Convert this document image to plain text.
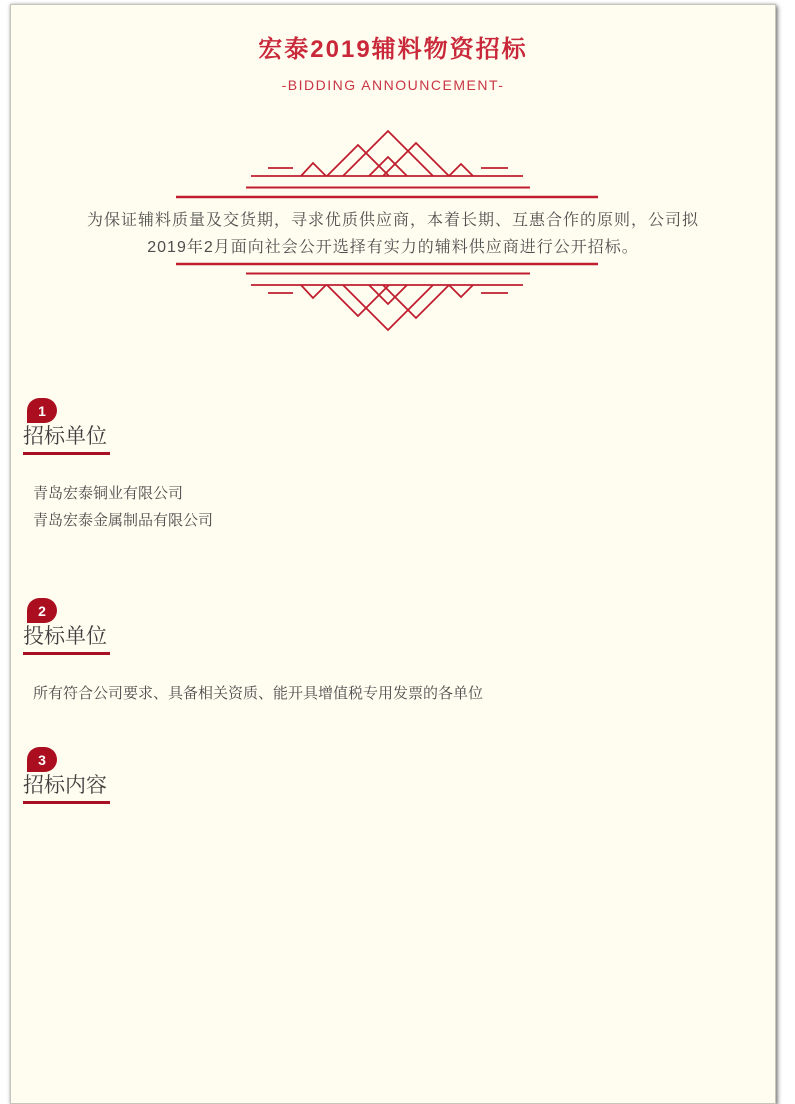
宏泰2019辅料物资招标
-BIDDING ANNOUNCEMENT-
为保证辅料质量及交货期，寻求优质供应商，本着长期、互惠合作的原则，公司拟
2019年2月面向社会公开选择有实力的辅料供应商进行公开招标。
1
招标单位
青岛宏泰铜业有限公司
青岛宏泰金属制品有限公司
2
投标单位
所有符合公司要求、具备相关资质、能开具增值税专用发票的各单位
3
招标内容
